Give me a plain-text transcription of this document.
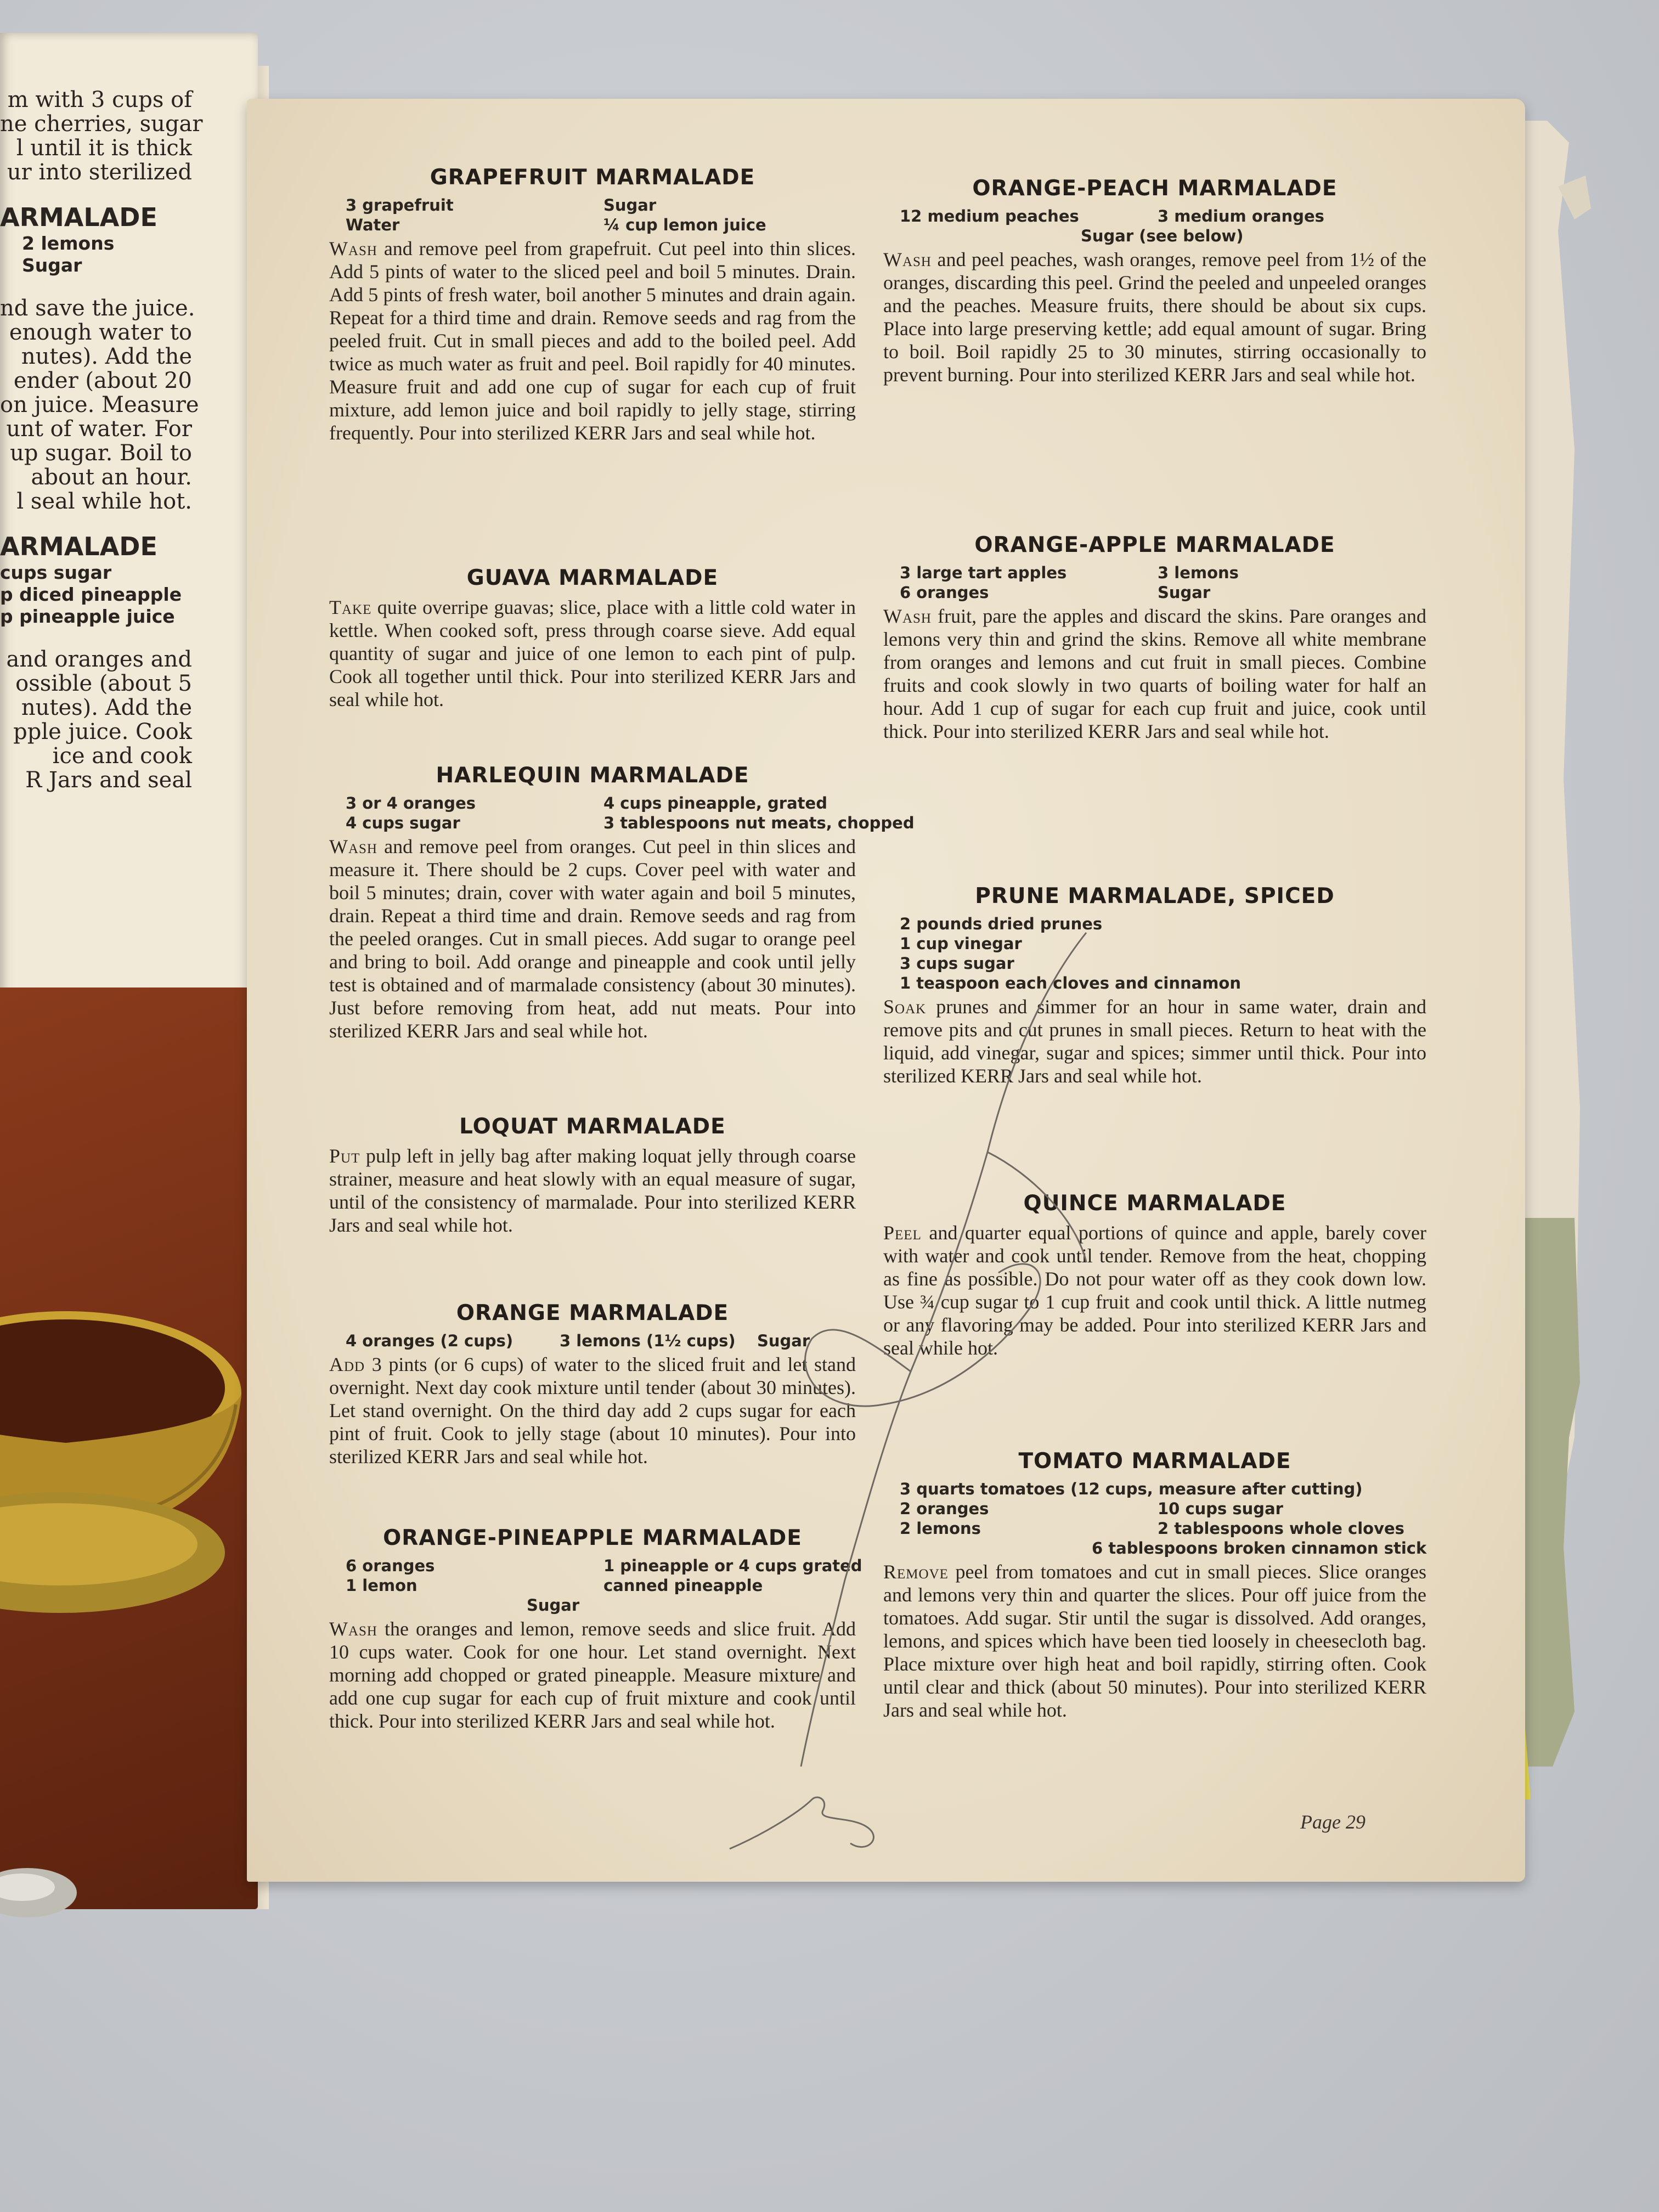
m with 3 cups of
ne cherries, sugar
l until it is thick
ur into sterilized
ARMALADE
2 lemons
Sugar
nd save the juice.
enough water to
nutes). Add the
ender (about 20
on juice. Measure
unt of water. For
up sugar. Boil to
about an hour.
l seal while hot.
ARMALADE
cups sugar
p diced pineapple
p pineapple juice
and oranges and
ossible (about 5
nutes). Add the
pple juice. Cook
ice and cook
R Jars and seal
GRAPEFRUIT MARMALADE
3 grapefruit	Sugar
Water	¼ cup lemon juice
Wash and remove peel from grapefruit. Cut peel into thin slices. Add 5 pints of water to the sliced peel and boil 5 minutes. Drain. Add 5 pints of fresh water, boil another 5 minutes and drain again. Repeat for a third time and drain. Remove seeds and rag from the peeled fruit. Cut in small pieces and add to the boiled peel. Add twice as much water as fruit and peel. Boil rapidly for 40 minutes. Measure fruit and add one cup of sugar for each cup of fruit mixture, add lemon juice and boil rapidly to jelly stage, stirring frequently. Pour into sterilized KERR Jars and seal while hot.
GUAVA MARMALADE
Take quite overripe guavas; slice, place with a little cold water in kettle. When cooked soft, press through coarse sieve. Add equal quantity of sugar and juice of one lemon to each pint of pulp. Cook all together until thick. Pour into sterilized KERR Jars and seal while hot.
HARLEQUIN MARMALADE
3 or 4 oranges	4 cups pineapple, grated
4 cups sugar	3 tablespoons nut meats, chopped
Wash and remove peel from oranges. Cut peel in thin slices and measure it. There should be 2 cups. Cover peel with water and boil 5 minutes; drain, cover with water again and boil 5 minutes, drain. Repeat a third time and drain. Remove seeds and rag from the peeled oranges. Cut in small pieces. Add sugar to orange peel and bring to boil. Add orange and pineapple and cook until jelly test is obtained and of marmalade consistency (about 30 minutes). Just before removing from heat, add nut meats. Pour into sterilized KERR Jars and seal while hot.
LOQUAT MARMALADE
Put pulp left in jelly bag after making loquat jelly through coarse strainer, measure and heat slowly with an equal measure of sugar, until of the consistency of marmalade. Pour into sterilized KERR Jars and seal while hot.
ORANGE MARMALADE
4 oranges (2 cups)	3 lemons (1½ cups) Sugar
Add 3 pints (or 6 cups) of water to the sliced fruit and let stand overnight. Next day cook mixture until tender (about 30 minutes). Let stand overnight. On the third day add 2 cups sugar for each pint of fruit. Cook to jelly stage (about 10 minutes). Pour into sterilized KERR Jars and seal while hot.
ORANGE-PINEAPPLE MARMALADE
6 oranges	1 pineapple or 4 cups grated
1 lemon	canned pineapple
Sugar
Wash the oranges and lemon, remove seeds and slice fruit. Add 10 cups water. Cook for one hour. Let stand overnight. Next morning add chopped or grated pineapple. Measure mixture and add one cup sugar for each cup of fruit mixture and cook until thick. Pour into sterilized KERR Jars and seal while hot.
ORANGE-PEACH MARMALADE
12 medium peaches	3 medium oranges
Sugar (see below)
Wash and peel peaches, wash oranges, remove peel from 1½ of the oranges, discarding this peel. Grind the peeled and unpeeled oranges and the peaches. Measure fruits, there should be about six cups. Place into large preserving kettle; add equal amount of sugar. Bring to boil. Boil rapidly 25 to 30 minutes, stirring occasionally to prevent burning. Pour into sterilized KERR Jars and seal while hot.
ORANGE-APPLE MARMALADE
3 large tart apples	3 lemons
6 oranges	Sugar
Wash fruit, pare the apples and discard the skins. Pare oranges and lemons very thin and grind the skins. Remove all white membrane from oranges and lemons and cut fruit in small pieces. Combine fruits and cook slowly in two quarts of boiling water for half an hour. Add 1 cup of sugar for each cup fruit and juice, cook until thick. Pour into sterilized KERR Jars and seal while hot.
PRUNE MARMALADE, SPICED
2 pounds dried prunes
1 cup vinegar
3 cups sugar
1 teaspoon each cloves and cinnamon
Soak prunes and simmer for an hour in same water, drain and remove pits and cut prunes in small pieces. Return to heat with the liquid, add vinegar, sugar and spices; simmer until thick. Pour into sterilized KERR Jars and seal while hot.
QUINCE MARMALADE
Peel and quarter equal portions of quince and apple, barely cover with water and cook until tender. Remove from the heat, chopping as fine as possible. Do not pour water off as they cook down low. Use ¾ cup sugar to 1 cup fruit and cook until thick. A little nutmeg or any flavoring may be added. Pour into sterilized KERR Jars and seal while hot.
TOMATO MARMALADE
3 quarts tomatoes (12 cups, measure after cutting)
2 oranges	10 cups sugar
2 lemons	2 tablespoons whole cloves
6 tablespoons broken cinnamon stick
Remove peel from tomatoes and cut in small pieces. Slice oranges and lemons very thin and quarter the slices. Pour off juice from the tomatoes. Add sugar. Stir until the sugar is dissolved. Add oranges, lemons, and spices which have been tied loosely in cheesecloth bag. Place mixture over high heat and boil rapidly, stirring often. Cook until clear and thick (about 50 minutes). Pour into sterilized KERR Jars and seal while hot.
Page 29
